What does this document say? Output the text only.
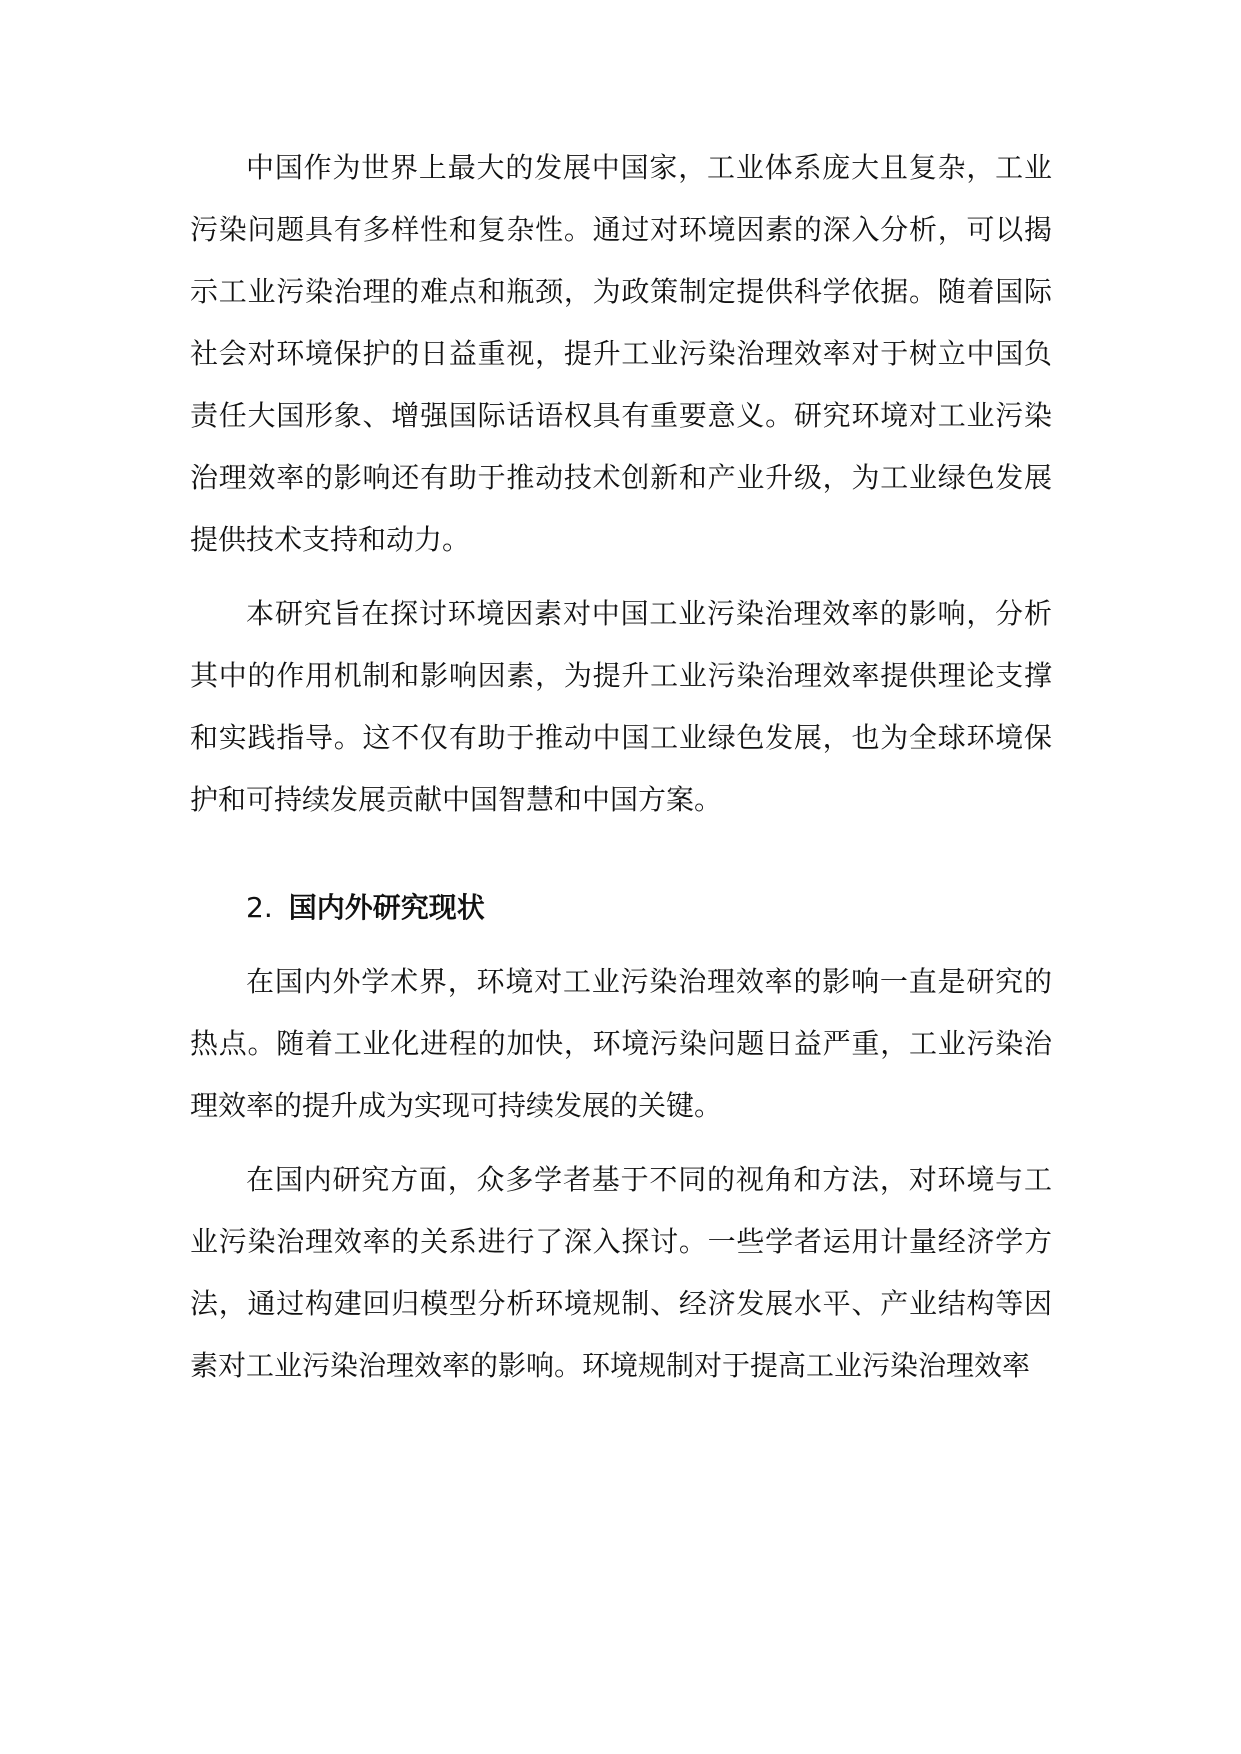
中国作为世界上最大的发展中国家，工业体系庞大且复杂，工业污染问题具有多样性和复杂性。通过对环境因素的深入分析，可以揭示工业污染治理的难点和瓶颈，为政策制定提供科学依据。随着国际社会对环境保护的日益重视，提升工业污染治理效率对于树立中国负责任大国形象、增强国际话语权具有重要意义。研究环境对工业污染治理效率的影响还有助于推动技术创新和产业升级，为工业绿色发展提供技术支持和动力。

本研究旨在探讨环境因素对中国工业污染治理效率的影响，分析其中的作用机制和影响因素，为提升工业污染治理效率提供理论支撑和实践指导。这不仅有助于推动中国工业绿色发展，也为全球环境保护和可持续发展贡献中国智慧和中国方案。

2. 国内外研究现状

在国内外学术界，环境对工业污染治理效率的影响一直是研究的热点。随着工业化进程的加快，环境污染问题日益严重，工业污染治理效率的提升成为实现可持续发展的关键。

在国内研究方面，众多学者基于不同的视角和方法，对环境与工业污染治理效率的关系进行了深入探讨。一些学者运用计量经济学方法，通过构建回归模型分析环境规制、经济发展水平、产业结构等因素对工业污染治理效率的影响。环境规制对于提高工业污染治理效率
